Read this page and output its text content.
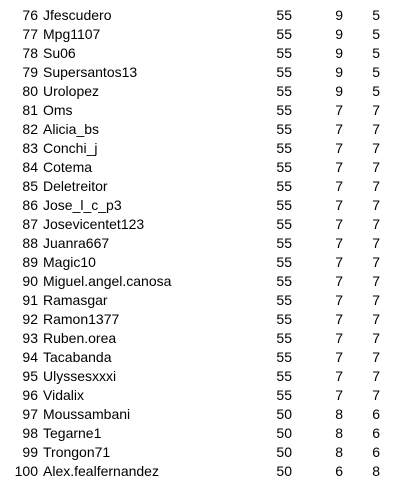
76 Jfescudero	55	9	5
77 Mpg1107	55	9	5
78 Su06	55	9	5
79 Supersantos13	55	9	5
80 Urolopez	55	9	5
81 Oms	55	7	7
82 Alicia_bs	55	7	7
83 Conchi_j	55	7	7
84 Cotema	55	7	7
85 Deletreitor	55	7	7
86 Jose_l_c_p3	55	7	7
87 Josevicentet123	55	7	7
88 Juanra667	55	7	7
89 Magic10	55	7	7
90 Miguel.angel.canosa	55	7	7
91 Ramasgar	55	7	7
92 Ramon1377	55	7	7
93 Ruben.orea	55	7	7
94 Tacabanda	55	7	7
95 Ulyssesxxxi	55	7	7
96 Vidalix	55	7	7
97 Moussambani	50	8	6
98 Tegarne1	50	8	6
99 Trongon71	50	8	6
100 Alex.fealfernandez	50	6	8
